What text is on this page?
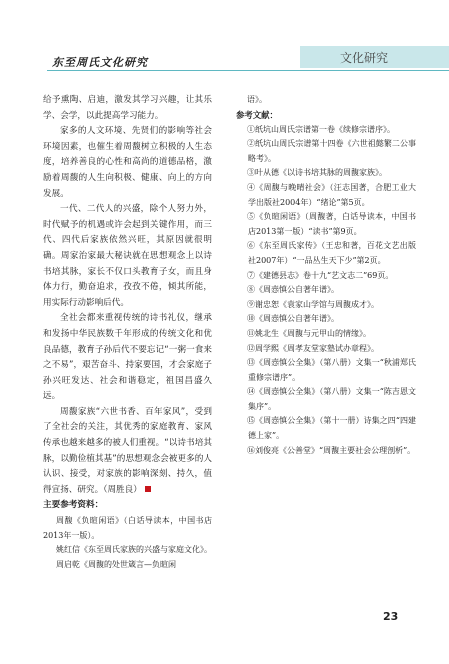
东至周氏文化研究	文化研究

给予熏陶、启迪，激发其学习兴趣，让其乐学、会学，以此提高学习能力。

家多的人文环境、先贤们的影响等社会环境因素，也催生着周馥树立积极的人生态度，培养善良的心性和高尚的道德品格，激励着周馥的人生向积极、健康、向上的方向发展。

一代、二代人的兴盛，除个人努力外，时代赋予的机遇或许会起到关键作用，而三代、四代后家族依然兴旺，其原因就很明确。周家治家最大秘诀就在思想观念上以诗书培其脉，家长不仅口头教育子女，而且身体力行，勤奋追求，孜孜不倦，倾其所能，用实际行动影响后代。

全社会都来重视传统的诗书礼仪，继承和发扬中华民族数千年形成的传统文化和优良品德，教育子孙后代不要忘记“一粥一食来之不易”，艰苦奋斗、持家要国，才会家庭子孙兴旺发达、社会和谐稳定，祖国昌盛久远。

周馥家族“六世书香、百年家风”，受到了全社会的关注，其优秀的家庭教育、家风传承也越来越多的被人们重视。“以诗书培其脉，以勤俭植其基”的思想观念会被更多的人认识、接受，对家族的影响深刻、持久，值得宣扬、研究。（周胜良）

主要参考资料：

周馥《负暄闲语》（白话导读本，中国书店2013年一版）。

姚红信《东至周氏家族的兴盛与家庭文化》。

周启乾《周馥的处世箴言—负暄闲

语》。

参考文献：

①纸坑山周氏宗谱第一卷《续修宗谱序》。

②纸坑山周氏宗谱第十四卷《六世祖懿繁二公事略考》。

③叶从德《以诗书培其脉的周馥家族》。

④《周馥与晚晴社会》（汪志国著，合肥工业大学出版社2004年）“绪论”第5页。

⑤《负暄闲语》（周馥著，白话导读本，中国书店2013第一版）“读书”第9页。

⑥《东至周氏家传》（王忠和著，百花文艺出版社2007年）“一品丛生天下少”第2页。

⑦《建德县志》卷十九“艺文志二”69页。

⑧《周悫慎公自著年谱》。

⑨谢忠恕《袁家山学馆与周馥成才》。

⑩《周悫慎公自著年谱》。

⑪姚北生《周馥与元甲山的情缘》。

⑫周学熙《周孝友堂家塾试办章程》。

⑬《周悫慎公全集》（第八册）文集一“秋浦郑氏重修宗谱序”。

⑭《周悫慎公全集》（第八册）文集一“陈吉恩文集序”。

⑮《周悫慎公全集》（第十一册）诗集之四“四建德上家”。

⑯刘俊亮《公善堂》“周馥主要社会公理剖析”。

23
